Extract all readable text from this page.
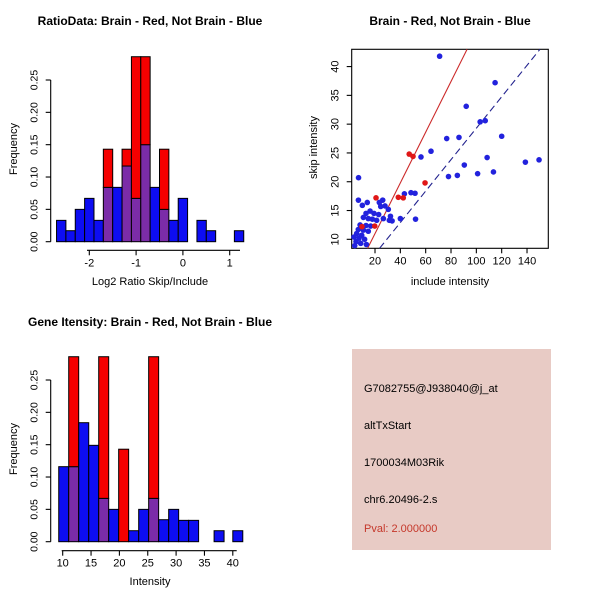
RatioData: Brain - Red, Not Brain - Blue	Brain - Red, Not Brain - Blue
Gene Itensity: Brain - Red, Not Brain - Blue
Frequency
Log2 Ratio Skip/Include
skip intensity
include intensity
Frequency
Intensity
0.00
0.05
0.10
0.15
0.20
0.25
-2	-1	0	1
0.00
0.05
0.10
0.15
0.20
0.25
10 15 20 25 30 35 40
20 40 60 80 100 120 140
10
15
20
25
30
35
40
G7082755@J938040@j_at
altTxStart
1700034M03Rik
chr6.20496-2.s
Pval: 2.000000
